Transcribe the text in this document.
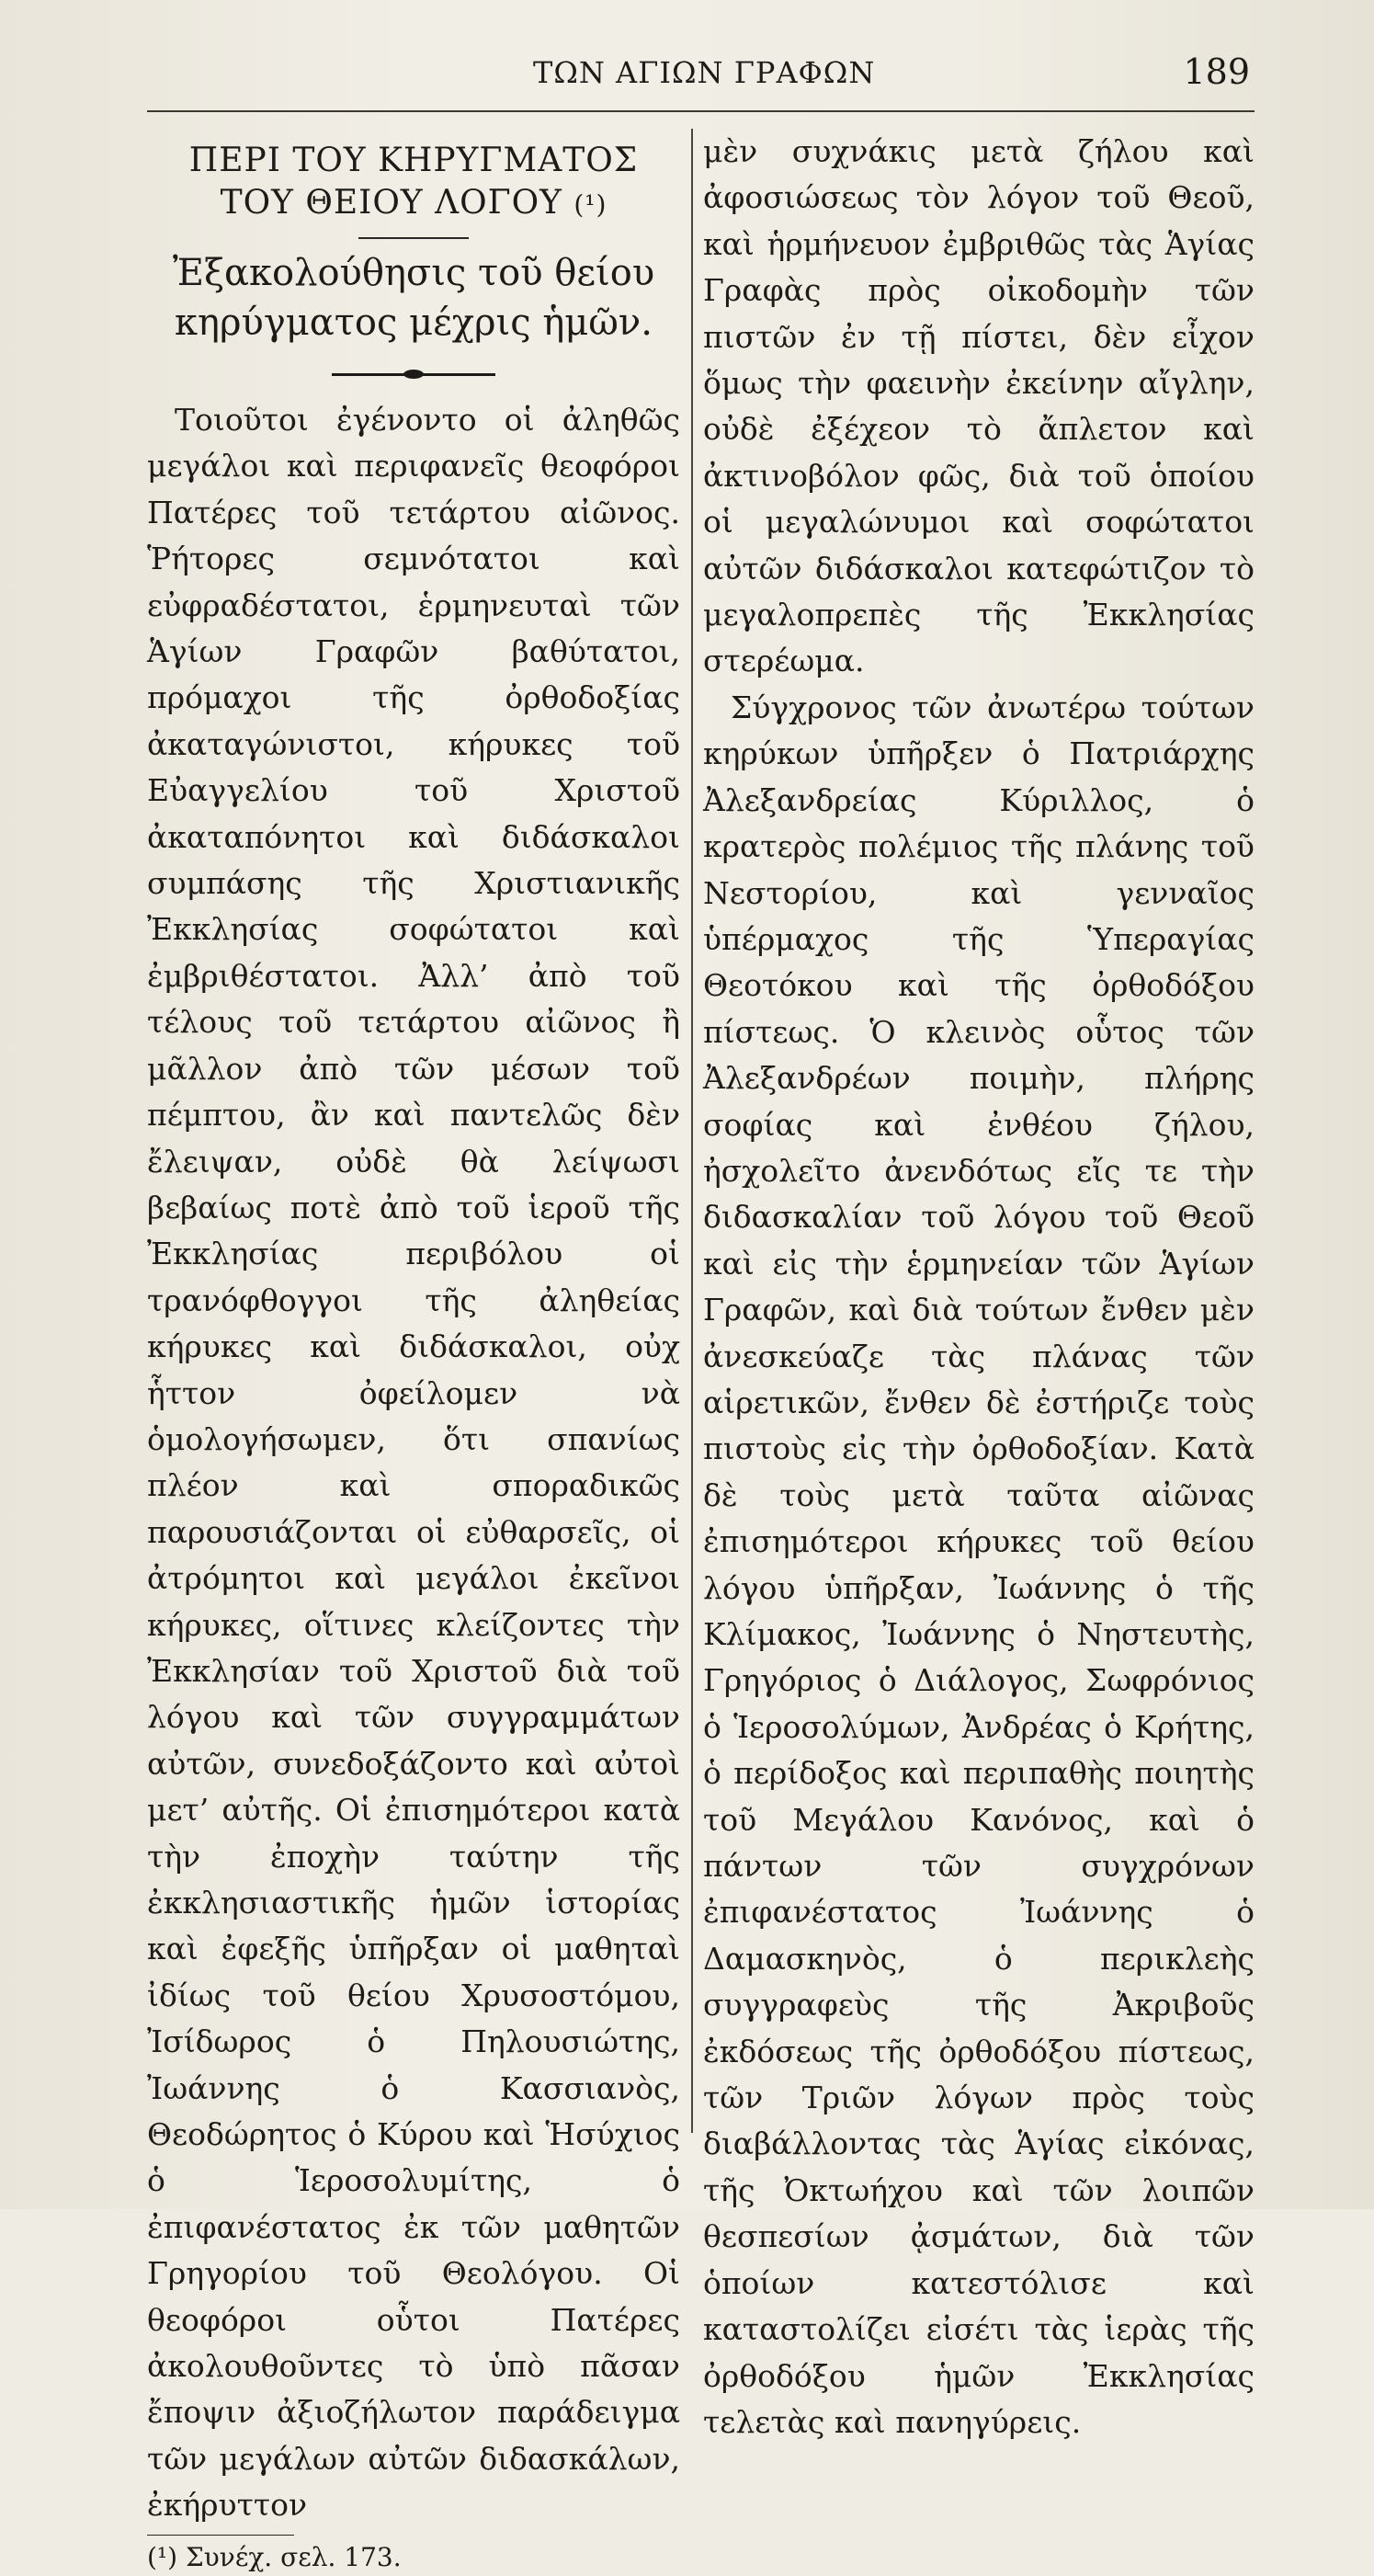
ΤΩΝ ΑΓΙΩΝ ΓΡΑΦΩΝ	189
ΠΕΡΙ ΤΟΥ ΚΗΡΥΓΜΑΤΟΣ
ΤΟΥ ΘΕΙΟΥ ΛΟΓΟΥ (¹)
Ἐξακολούθησις τοῦ θείου κηρύγματος μέχρις ἡμῶν.

Τοιοῦτοι ἐγένοντο οἱ ἀληθῶς μεγάλοι καὶ περιφανεῖς θεοφόροι Πατέρες τοῦ τετάρτου αἰῶνος. Ῥήτορες σεμνότατοι καὶ εὐφραδέστατοι, ἑρμηνευταὶ τῶν Ἁγίων Γραφῶν βαθύτατοι, πρόμαχοι τῆς ὀρθοδοξίας ἀκαταγώνιστοι, κήρυκες τοῦ Εὐαγγελίου τοῦ Χριστοῦ ἀκαταπόνητοι καὶ διδάσκαλοι συμπάσης τῆς Χριστιανικῆς Ἐκκλησίας σοφώτατοι καὶ ἐμβριθέστατοι. Ἀλλ’ ἀπὸ τοῦ τέλους τοῦ τετάρτου αἰῶνος ἢ μᾶλλον ἀπὸ τῶν μέσων τοῦ πέμπτου, ἂν καὶ παντελῶς δὲν ἔλειψαν, οὐδὲ θὰ λείψωσι βεβαίως ποτὲ ἀπὸ τοῦ ἱεροῦ τῆς Ἐκκλησίας περιβόλου οἱ τρανόφθογγοι τῆς ἀληθείας κήρυκες καὶ διδάσκαλοι, οὐχ ἧττον ὀφείλομεν νὰ ὁμολογήσωμεν, ὅτι σπανίως πλέον καὶ σποραδικῶς παρουσιάζονται οἱ εὐθαρσεῖς, οἱ ἀτρόμητοι καὶ μεγάλοι ἐκεῖνοι κήρυκες, οἵτινες κλείζοντες τὴν Ἐκκλησίαν τοῦ Χριστοῦ διὰ τοῦ λόγου καὶ τῶν συγγραμμάτων αὐτῶν, συνεδοξάζοντο καὶ αὐτοὶ μετ’ αὐτῆς. Οἱ ἐπισημότεροι κατὰ τὴν ἐποχὴν ταύτην τῆς ἐκκλησιαστικῆς ἡμῶν ἱστορίας καὶ ἐφεξῆς ὑπῆρξαν οἱ μαθηταὶ ἰδίως τοῦ θείου Χρυσοστόμου, Ἰσίδωρος ὁ Πηλουσιώτης, Ἰωάννης ὁ Κασσιανὸς, Θεοδώρητος ὁ Κύρου καὶ Ἡσύχιος ὁ Ἱεροσολυμίτης, ὁ ἐπιφανέστατος ἐκ τῶν μαθητῶν Γρηγορίου τοῦ Θεολόγου. Οἱ θεοφόροι οὗτοι Πατέρες ἀκολουθοῦντες τὸ ὑπὸ πᾶσαν ἔποψιν ἀξιοζήλωτον παράδειγμα τῶν μεγάλων αὐτῶν διδασκάλων, ἐκήρυττον

(¹) Συνέχ. σελ. 173.

μὲν συχνάκις μετὰ ζήλου καὶ ἀφοσιώσεως τὸν λόγον τοῦ Θεοῦ, καὶ ἡρμήνευον ἐμβριθῶς τὰς Ἁγίας Γραφὰς πρὸς οἰκοδομὴν τῶν πιστῶν ἐν τῇ πίστει, δὲν εἶχον ὅμως τὴν φαεινὴν ἐκείνην αἴγλην, οὐδὲ ἐξέχεον τὸ ἄπλετον καὶ ἀκτινοβόλον φῶς, διὰ τοῦ ὁποίου οἱ μεγαλώνυμοι καὶ σοφώτατοι αὐτῶν διδάσκαλοι κατεφώτιζον τὸ μεγαλοπρεπὲς τῆς Ἐκκλησίας στερέωμα.

Σύγχρονος τῶν ἀνωτέρω τούτων κηρύκων ὑπῆρξεν ὁ Πατριάρχης Ἀλεξανδρείας Κύριλλος, ὁ κρατερὸς πολέμιος τῆς πλάνης τοῦ Νεστορίου, καὶ γενναῖος ὑπέρμαχος τῆς Ὑπεραγίας Θεοτόκου καὶ τῆς ὀρθοδόξου πίστεως. Ὁ κλεινὸς οὗτος τῶν Ἀλεξανδρέων ποιμὴν, πλήρης σοφίας καὶ ἐνθέου ζήλου, ἠσχολεῖτο ἀνενδότως εἴς τε τὴν διδασκαλίαν τοῦ λόγου τοῦ Θεοῦ καὶ εἰς τὴν ἑρμηνείαν τῶν Ἁγίων Γραφῶν, καὶ διὰ τούτων ἔνθεν μὲν ἀνεσκεύαζε τὰς πλάνας τῶν αἱρετικῶν, ἔνθεν δὲ ἐστήριζε τοὺς πιστοὺς εἰς τὴν ὀρθοδοξίαν. Κατὰ δὲ τοὺς μετὰ ταῦτα αἰῶνας ἐπισημότεροι κήρυκες τοῦ θείου λόγου ὑπῆρξαν, Ἰωάννης ὁ τῆς Κλίμακος, Ἰωάννης ὁ Νηστευτὴς, Γρηγόριος ὁ Διάλογος, Σωφρόνιος ὁ Ἱεροσολύμων, Ἀνδρέας ὁ Κρήτης, ὁ περίδοξος καὶ περιπαθὴς ποιητὴς τοῦ Μεγάλου Κανόνος, καὶ ὁ πάντων τῶν συγχρόνων ἐπιφανέστατος Ἰωάννης ὁ Δαμασκηνὸς, ὁ περικλεὴς συγγραφεὺς τῆς Ἀκριβοῦς ἐκδόσεως τῆς ὀρθοδόξου πίστεως, τῶν Τριῶν λόγων πρὸς τοὺς διαβάλλοντας τὰς Ἁγίας εἰκόνας, τῆς Ὀκτωήχου καὶ τῶν λοιπῶν θεσπεσίων ᾀσμάτων, διὰ τῶν ὁποίων κατεστόλισε καὶ καταστολίζει εἰσέτι τὰς ἱερὰς τῆς ὀρθοδόξου ἡμῶν Ἐκκλησίας τελετὰς καὶ πανηγύρεις.
